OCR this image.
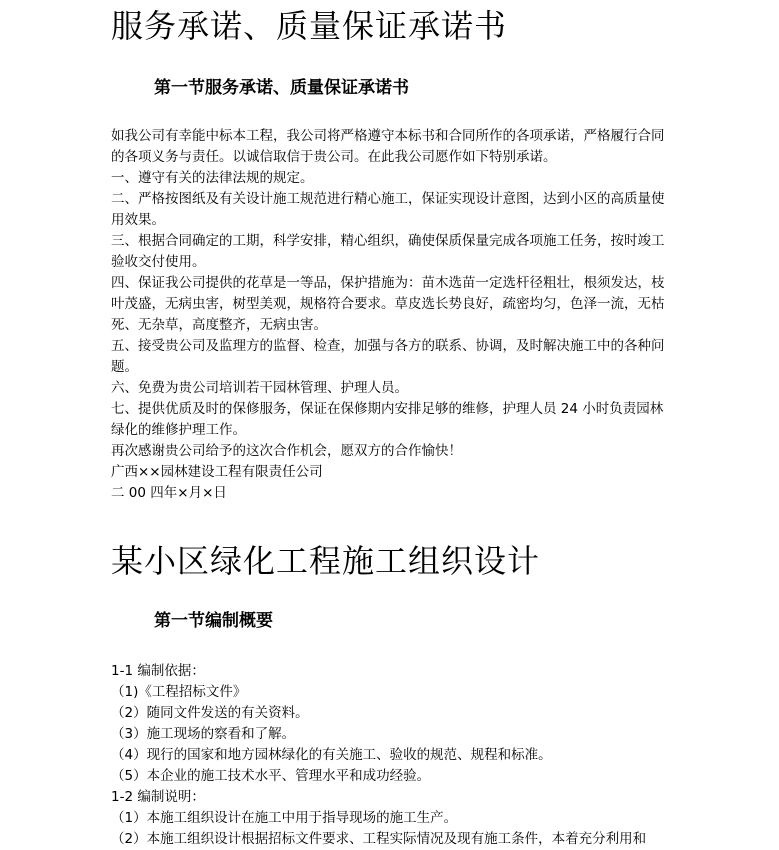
服务承诺、质量保证承诺书
第一节服务承诺、质量保证承诺书

如我公司有幸能中标本工程，我公司将严格遵守本标书和合同所作的各项承诺，严格履行合同的各项义务与责任。以诚信取信于贵公司。在此我公司愿作如下特别承诺。

一、遵守有关的法律法规的规定。

二、严格按图纸及有关设计施工规范进行精心施工，保证实现设计意图，达到小区的高质量使用效果。

三、根据合同确定的工期，科学安排，精心组织，确使保质保量完成各项施工任务，按时竣工验收交付使用。

四、保证我公司提供的花草是一等品，保护措施为：苗木选苗一定选杆径粗壮，根须发达，枝叶茂盛，无病虫害，树型美观，规格符合要求。草皮选长势良好，疏密均匀，色泽一流，无枯死、无杂草，高度整齐，无病虫害。

五、接受贵公司及监理方的监督、检查，加强与各方的联系、协调，及时解决施工中的各种问题。

六、免费为贵公司培训若干园林管理、护理人员。

七、提供优质及时的保修服务，保证在保修期内安排足够的维修，护理人员 24 小时负责园林绿化的维修护理工作。

再次感谢贵公司给予的这次合作机会，愿双方的合作愉快！

广西××园林建设工程有限责任公司

二 00 四年×月×日

某小区绿化工程施工组织设计
第一节编制概要

1-1 编制依据：

（1)《工程招标文件》

（2）随同文件发送的有关资料。

（3）施工现场的察看和了解。

（4）现行的国家和地方园林绿化的有关施工、验收的规范、规程和标准。

（5）本企业的施工技术水平、管理水平和成功经验。

1-2 编制说明：

（1）本施工组织设计在施工中用于指导现场的施工生产。

（2）本施工组织设计根据招标文件要求、工程实际情况及现有施工条件，本着充分利用和
